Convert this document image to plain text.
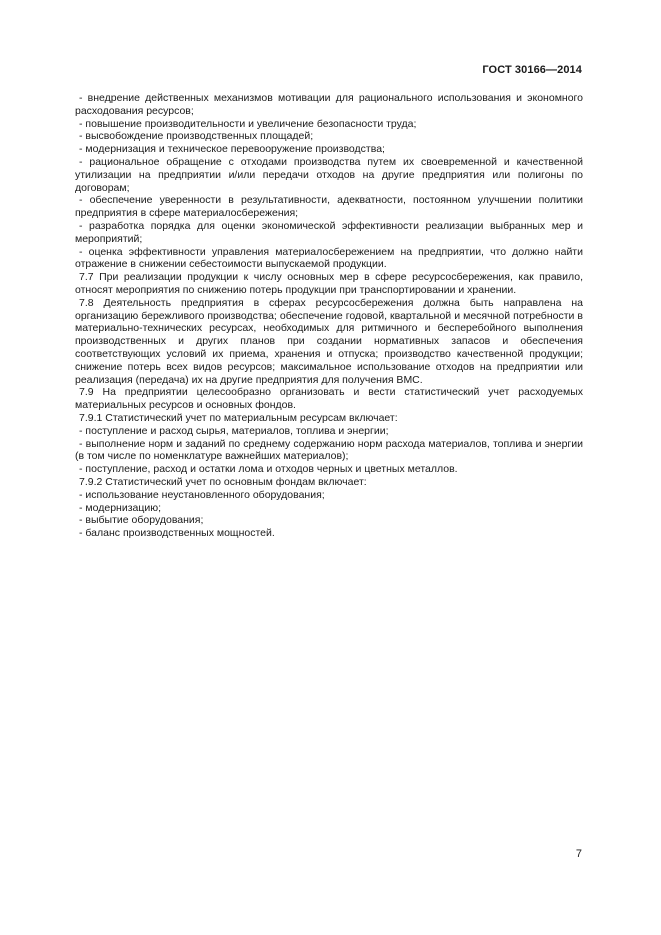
ГОСТ 30166—2014

- внедрение действенных механизмов мотивации для рационального использования и экономного расходования ресурсов;

- повышение производительности и увеличение безопасности труда;

- высвобождение производственных площадей;

- модернизация и техническое перевооружение производства;

- рациональное обращение с отходами производства путем их своевременной и качественной утилизации на предприятии и/или передачи отходов на другие предприятия или полигоны по договорам;

- обеспечение уверенности в результативности, адекватности, постоянном улучшении политики предприятия в сфере материалосбережения;

- разработка порядка для оценки экономической эффективности реализации выбранных мер и мероприятий;

- оценка эффективности управления материалосбережением на предприятии, что должно найти отражение в снижении себестоимости выпускаемой продукции.

7.7 При реализации продукции к числу основных мер в сфере ресурсосбережения, как правило, относят мероприятия по снижению потерь продукции при транспортировании и хранении.

7.8 Деятельность предприятия в сферах ресурсосбережения должна быть направлена на организацию бережливого производства; обеспечение годовой, квартальной и месячной потребности в материально-технических ресурсах, необходимых для ритмичного и бесперебойного выполнения производственных и других планов при создании нормативных запасов и обеспечения соответствующих условий их приема, хранения и отпуска; производство качественной продукции; снижение потерь всех видов ресурсов; максимальное использование отходов на предприятии или реализация (передача) их на другие предприятия для получения ВМС.

7.9 На предприятии целесообразно организовать и вести статистический учет расходуемых материальных ресурсов и основных фондов.

7.9.1 Статистический учет по материальным ресурсам включает:

- поступление и расход сырья, материалов, топлива и энергии;

- выполнение норм и заданий по среднему содержанию норм расхода материалов, топлива и энергии (в том числе по номенклатуре важнейших материалов);

- поступление, расход и остатки лома и отходов черных и цветных металлов.

7.9.2 Статистический учет по основным фондам включает:

- использование неустановленного оборудования;

- модернизацию;

- выбытие оборудования;

- баланс производственных мощностей.

7
